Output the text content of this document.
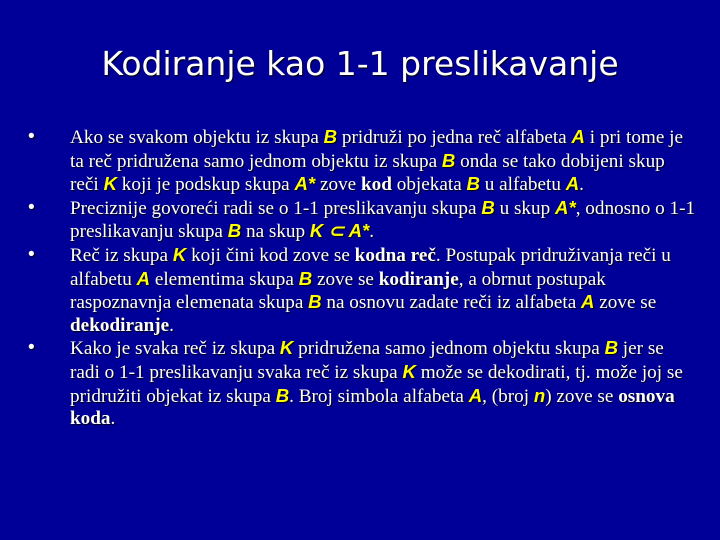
Kodiranje kao 1-1 preslikavanje
•	Ako se svakom objektu iz skupa B pridruži po jedna reč alfabeta A i pri tome je ta reč pridružena samo jednom objektu iz skupa B onda se tako dobijeni skup reči K koji je podskup skupa A* zove kod objekata B u alfabetu A.
•	Preciznije govoreći radi se o 1-1 preslikavanju skupa B u skup A*, odnosno o 1-1 preslikavanju skupa B na skup K ⊂ A*.
•	Reč iz skupa K koji čini kod zove se kodna reč. Postupak pridruživanja reči u alfabetu A elementima skupa B zove se kodiranje, a obrnut postupak raspoznavnja elemenata skupa B na osnovu zadate reči iz alfabeta A zove se dekodiranje.
•	Kako je svaka reč iz skupa K pridružena samo jednom objektu skupa B jer se radi o 1-1 preslikavanju svaka reč iz skupa K može se dekodirati, tj. može joj se pridružiti objekat iz skupa B. Broj simbola alfabeta A, (broj n) zove se osnova koda.
